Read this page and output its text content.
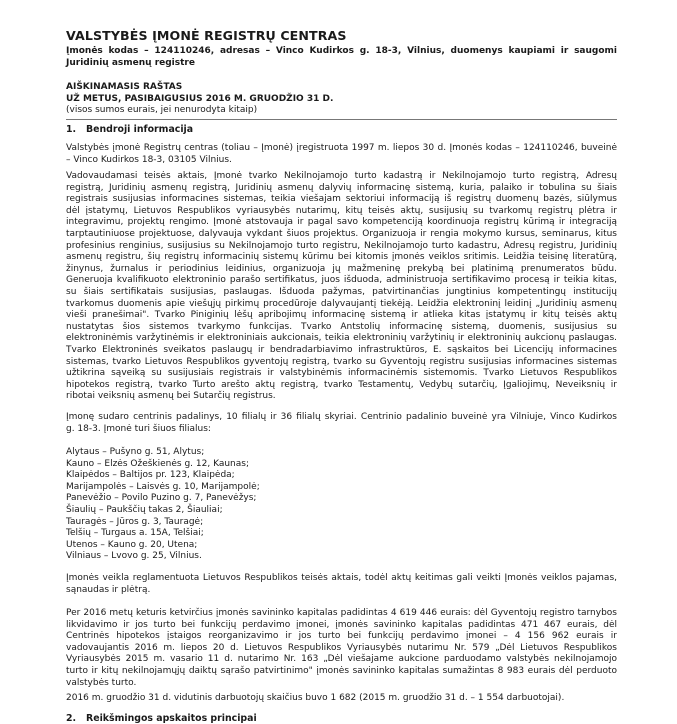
VALSTYBĖS ĮMONĖ REGISTRŲ CENTRAS
Įmonės kodas – 124110246, adresas – Vinco Kudirkos g. 18-3, Vilnius, duomenys kaupiami ir saugomi
Juridinių asmenų registre
AIŠKINAMASIS RAŠTAS
UŽ METUS, PASIBAIGUSIUS 2016 M. GRUODŽIO 31 D.
(visos sumos eurais, jei nenurodyta kitaip)
1. Bendroji informacija
Valstybės įmonė Registrų centras (toliau – Įmonė) įregistruota 1997 m. liepos 30 d. Įmonės kodas – 124110246, buveinė
– Vinco Kudirkos 18-3, 03105 Vilnius.
Vadovaudamasi teisės aktais, Įmonė tvarko Nekilnojamojo turto kadastrą ir Nekilnojamojo turto registrą, Adresų
registrą, Juridinių asmenų registrą, Juridinių asmenų dalyvių informacinę sistemą, kuria, palaiko ir tobulina su šiais
registrais susijusias informacines sistemas, teikia viešajam sektoriui informaciją iš registrų duomenų bazės, siūlymus
dėl įstatymų, Lietuvos Respublikos vyriausybės nutarimų, kitų teisės aktų, susijusių su tvarkomų registrų plėtra ir
integravimu, projektų rengimo. Įmonė atstovauja ir pagal savo kompetenciją koordinuoja registrų kūrimą ir integraciją
tarptautiniuose projektuose, dalyvauja vykdant šiuos projektus. Organizuoja ir rengia mokymo kursus, seminarus, kitus
profesinius renginius, susijusius su Nekilnojamojo turto registru, Nekilnojamojo turto kadastru, Adresų registru, Juridinių
asmenų registru, šių registrų informacinių sistemų kūrimu bei kitomis įmonės veiklos sritimis. Leidžia teisinę literatūrą,
žinynus, žurnalus ir periodinius leidinius, organizuoja jų mažmeninę prekybą bei platinimą prenumeratos būdu.
Generuoja kvalifikuoto elektroninio parašo sertifikatus, juos išduoda, administruoja sertifikavimo procesą ir teikia kitas,
su šiais sertifikatais susijusias, paslaugas. Išduoda pažymas, patvirtinančias jungtinius kompetentingų institucijų
tvarkomus duomenis apie viešųjų pirkimų procedūroje dalyvaujantį tiekėją. Leidžia elektroninį leidinį „Juridinių asmenų
vieši pranešimai". Tvarko Piniginių lėšų apribojimų informacinę sistemą ir atlieka kitas įstatymų ir kitų teisės aktų
nustatytas šios sistemos tvarkymo funkcijas. Tvarko Antstolių informacinę sistemą, duomenis, susijusius su
elektroninėmis varžytinėmis ir elektroniniais aukcionais, teikia elektroninių varžytinių ir elektroninių aukcionų paslaugas.
Tvarko Elektroninės sveikatos paslaugų ir bendradarbiavimo infrastruktūros, E. sąskaitos bei Licencijų informacines
sistemas, tvarko Lietuvos Respublikos gyventojų registrą, tvarko su Gyventojų registru susijusias informacines sistemas
užtikrina sąveiką su susijusiais registrais ir valstybinėmis informacinėmis sistemomis. Tvarko Lietuvos Respublikos
hipotekos registrą, tvarko Turto arešto aktų registrą, tvarko Testamentų, Vedybų sutarčių, Įgaliojimų, Neveiksnių ir
ribotai veiksnių asmenų bei Sutarčių registrus.
Įmonę sudaro centrinis padalinys, 10 filialų ir 36 filialų skyriai. Centrinio padalinio buveinė yra Vilniuje, Vinco Kudirkos
g. 18-3. Įmonė turi šiuos filialus:
Alytaus – Pušyno g. 51, Alytus;
Kauno – Elzės Ožeškienės g. 12, Kaunas;
Klaipėdos – Baltijos pr. 123, Klaipėda;
Marijampolės – Laisvės g. 10, Marijampolė;
Panevėžio – Povilo Puzino g. 7, Panevėžys;
Šiaulių – Paukščių takas 2, Šiauliai;
Tauragės – Jūros g. 3, Tauragė;
Telšių – Turgaus a. 15A, Telšiai;
Utenos – Kauno g. 20, Utena;
Vilniaus – Lvovo g. 25, Vilnius.
Įmonės veikla reglamentuota Lietuvos Respublikos teisės aktais, todėl aktų keitimas gali veikti Įmonės veiklos pajamas,
sąnaudas ir plėtrą.
Per 2016 metų keturis ketvirčius įmonės savininko kapitalas padidintas 4 619 446 eurais: dėl Gyventojų registro tarnybos
likvidavimo ir jos turto bei funkcijų perdavimo įmonei, įmonės savininko kapitalas padidintas 471 467 eurais, dėl
Centrinės hipotekos įstaigos reorganizavimo ir jos turto bei funkcijų perdavimo įmonei – 4 156 962 eurais ir
vadovaujantis 2016 m. liepos 20 d. Lietuvos Respublikos Vyriausybės nutarimu Nr. 579 „Dėl Lietuvos Respublikos
Vyriausybės 2015 m. vasario 11 d. nutarimo Nr. 163 „Dėl viešajame aukcione parduodamo valstybės nekilnojamojo
turto ir kitų nekilnojamųjų daiktų sąrašo patvirtinimo" įmonės savininko kapitalas sumažintas 8 983 eurais dėl perduoto
valstybės turto.
2016 m. gruodžio 31 d. vidutinis darbuotojų skaičius buvo 1 682 (2015 m. gruodžio 31 d. – 1 554 darbuotojai).
2. Reikšmingos apskaitos principai
